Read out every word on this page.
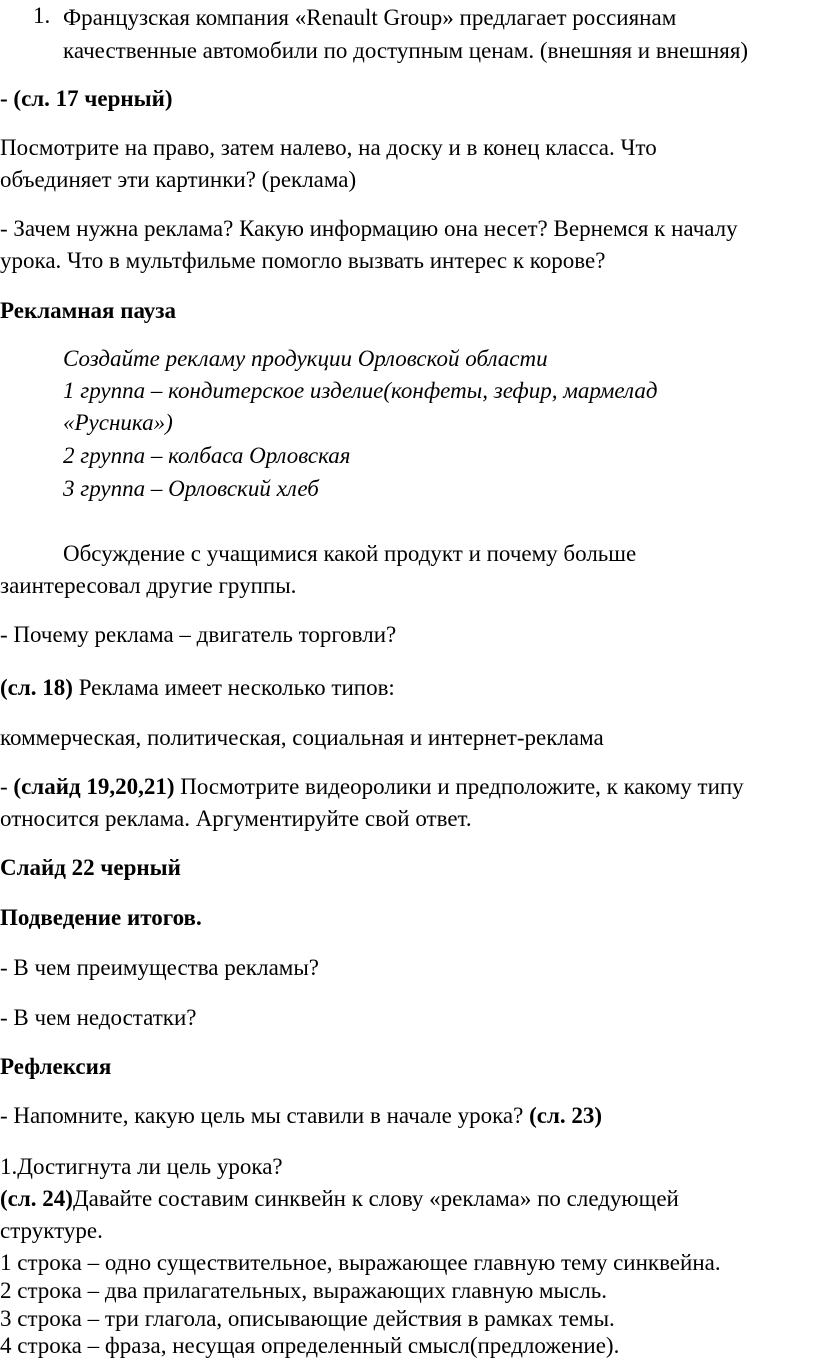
1. Французская компания «Renault Group» предлагает россиянам
качественные автомобили по доступным ценам. (внешняя и внешняя)
- (сл. 17 черный)
Посмотрите на право, затем налево, на доску и в конец класса. Что
объединяет эти картинки? (реклама)
- Зачем нужна реклама? Какую информацию она несет? Вернемся к началу
урока. Что в мультфильме помогло вызвать интерес к корове?
Рекламная пауза
Создайте рекламу продукции Орловской области
1 группа – кондитерское изделие(конфеты, зефир, мармелад
«Русника»)
2 группа – колбаса Орловская
3 группа – Орловский хлеб
Обсуждение с учащимися какой продукт и почему больше
заинтересовал другие группы.
- Почему реклама – двигатель торговли?
(сл. 18) Реклама имеет несколько типов:
коммерческая, политическая, социальная и интернет-реклама
- (слайд 19,20,21) Посмотрите видеоролики и предположите, к какому типу
относится реклама. Аргументируйте свой ответ.
Слайд 22 черный
Подведение итогов.
- В чем преимущества рекламы?
- В чем недостатки?
Рефлексия
- Напомните, какую цель мы ставили в начале урока? (сл. 23)
1.Достигнута ли цель урока?
(сл. 24)Давайте составим синквейн к слову «реклама» по следующей
структуре.
1 строка – одно существительное, выражающее главную тему синквейна.
2 строка – два прилагательных, выражающих главную мысль.
3 строка – три глагола, описывающие действия в рамках темы.
4 строка – фраза, несущая определенный смысл(предложение).
